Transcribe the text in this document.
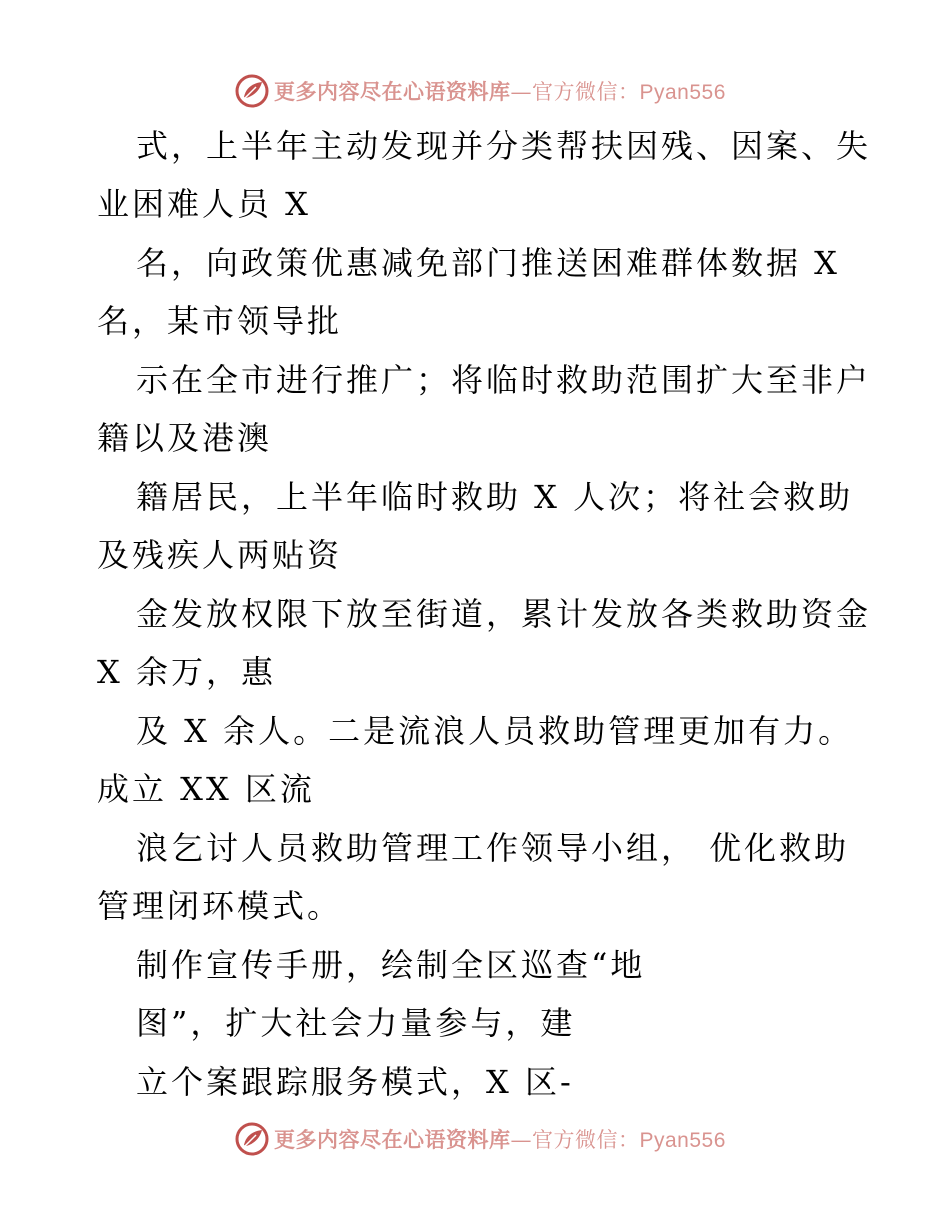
更多内容尽在心语资料库—官方微信：Pyan556
式，上半年主动发现并分类帮扶因残、因案、失
业困难人员 X
名，向政策优惠减免部门推送困难群体数据 X
名，某市领导批
示在全市进行推广；将临时救助范围扩大至非户
籍以及港澳
籍居民，上半年临时救助 X 人次；将社会救助
及残疾人两贴资
金发放权限下放至街道，累计发放各类救助资金
X 余万，惠
及 X 余人。二是流浪人员救助管理更加有力。
成立 XX 区流
浪乞讨人员救助管理工作领导小组， 优化救助
管理闭环模式。
制作宣传手册，绘制全区巡查“地
图”，扩大社会力量参与，建
立个案跟踪服务模式，X 区-
更多内容尽在心语资料库—官方微信：Pyan556
